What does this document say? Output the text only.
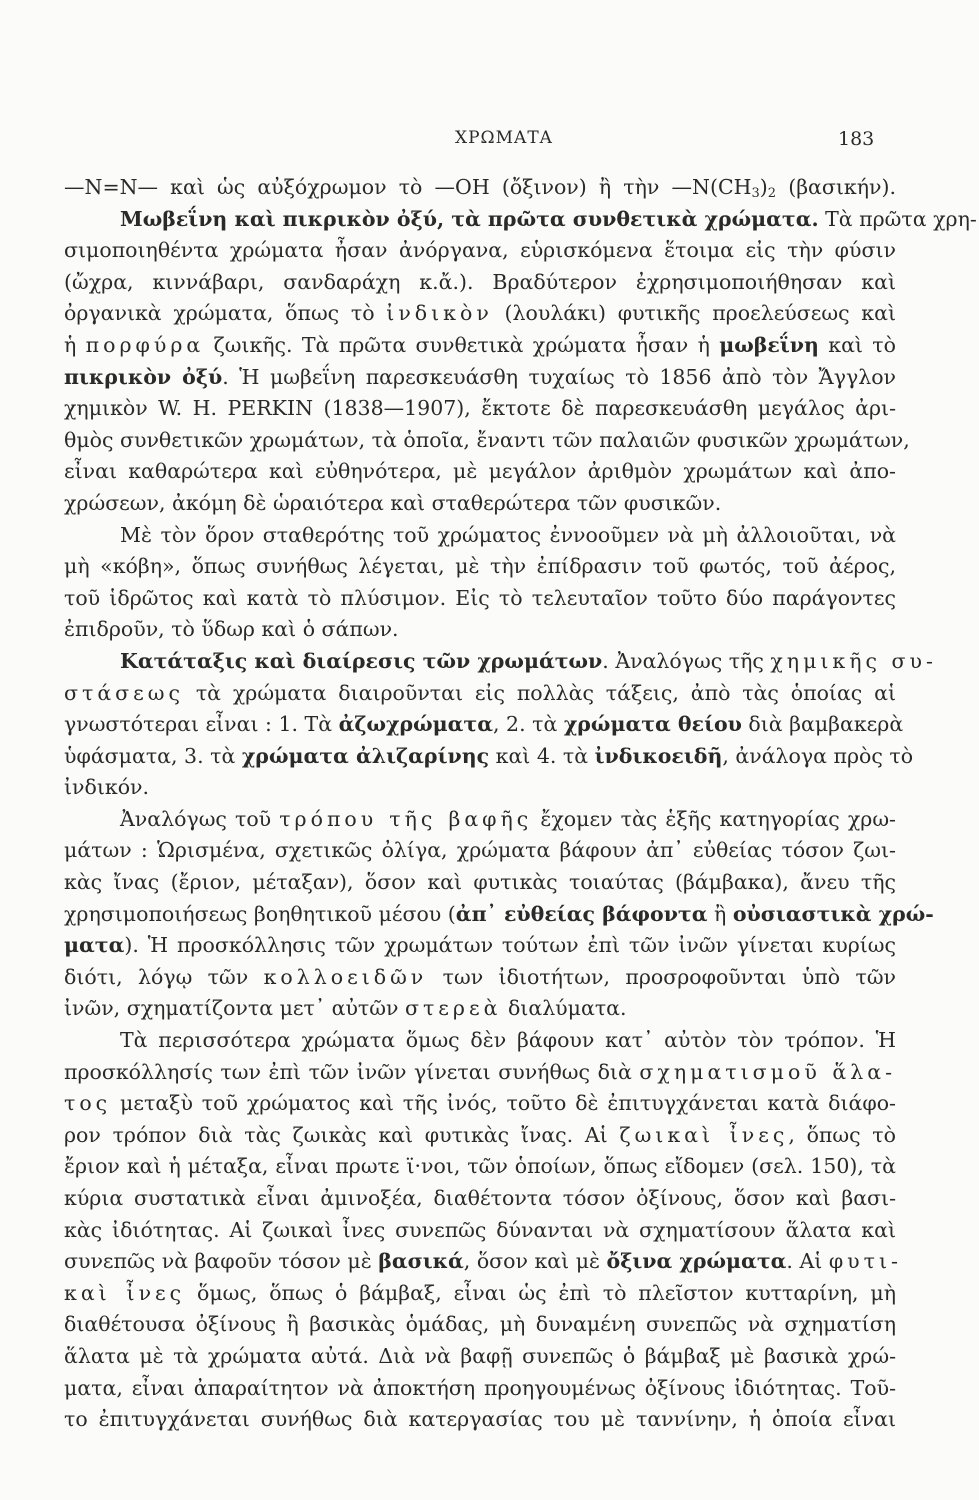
ΧΡΩΜΑΤΑ	183
—N=N— καὶ ὡς αὐξόχρωμον τὸ —OH (ὄξινον) ἢ τὴν $—N(CH_3)_2$ (βασικήν).
Μωβεΐνη καὶ πικρικὸν ὀξύ, τὰ πρῶτα συνθετικὰ χρώματα. Τὰ πρῶτα χρη-
σιμοποιηθέντα χρώματα ἦσαν ἀνόργανα, εὑρισκόμενα ἕτοιμα εἰς τὴν φύσιν
(ὤχρα, κιννάβαρι, σανδαράχη κ.ἄ.). Βραδύτερον ἐχρησιμοποιήθησαν καὶ
ὀργανικὰ χρώματα, ὅπως τὸ ἰνδικὸν (λουλάκι) φυτικῆς προελεύσεως καὶ
ἡ πορφύρα ζωικῆς. Τὰ πρῶτα συνθετικὰ χρώματα ἦσαν ἡ μωβεΐνη καὶ τὸ
πικρικὸν ὀξύ. Ἡ μωβεΐνη παρεσκευάσθη τυχαίως τὸ 1856 ἀπὸ τὸν Ἄγγλον
χημικὸν W. H. PERKIN (1838—1907), ἔκτοτε δὲ παρεσκευάσθη μεγάλος ἀρι-
θμὸς συνθετικῶν χρωμάτων, τὰ ὁποῖα, ἔναντι τῶν παλαιῶν φυσικῶν χρωμάτων,
εἶναι καθαρώτερα καὶ εὐθηνότερα, μὲ μεγάλον ἀριθμὸν χρωμάτων καὶ ἀπο-
χρώσεων, ἀκόμη δὲ ὡραιότερα καὶ σταθερώτερα τῶν φυσικῶν.
Μὲ τὸν ὅρον σταθερότης τοῦ χρώματος ἐννοοῦμεν νὰ μὴ ἀλλοιοῦται, νὰ
μὴ «κόβη», ὅπως συνήθως λέγεται, μὲ τὴν ἐπίδρασιν τοῦ φωτός, τοῦ ἀέρος,
τοῦ ἱδρῶτος καὶ κατὰ τὸ πλύσιμον. Εἰς τὸ τελευταῖον τοῦτο δύο παράγοντες
ἐπιδροῦν, τὸ ὕδωρ καὶ ὁ σάπων.
Κατάταξις καὶ διαίρεσις τῶν χρωμάτων. Ἀναλόγως τῆς χημικῆς συ-
στάσεως τὰ χρώματα διαιροῦνται εἰς πολλὰς τάξεις, ἀπὸ τὰς ὁποίας αἱ
γνωστότεραι εἶναι : 1. Τὰ ἀζωχρώματα, 2. τὰ χρώματα θείου διὰ βαμβακερὰ
ὑφάσματα, 3. τὰ χρώματα ἀλιζαρίνης καὶ 4. τὰ ἰνδικοειδῆ, ἀνάλογα πρὸς τὸ
ἰνδικόν.
Ἀναλόγως τοῦ τρόπου τῆς βαφῆς ἔχομεν τὰς ἑξῆς κατηγορίας χρω-
μάτων : Ὡρισμένα, σχετικῶς ὀλίγα, χρώματα βάφουν ἀπ᾿ εὐθείας τόσον ζωι-
κὰς ἴνας (ἔριον, μέταξαν), ὅσον καὶ φυτικὰς τοιαύτας (βάμβακα), ἄνευ τῆς
χρησιμοποιήσεως βοηθητικοῦ μέσου (ἀπ᾿ εὐθείας βάφοντα ἢ οὐσιαστικὰ χρώ-
ματα). Ἡ προσκόλλησις τῶν χρωμάτων τούτων ἐπὶ τῶν ἰνῶν γίνεται κυρίως
διότι, λόγῳ τῶν κολλοειδῶν των ἰδιοτήτων, προσροφοῦνται ὑπὸ τῶν
ἰνῶν, σχηματίζοντα μετ᾿ αὐτῶν στερεὰ διαλύματα.
Τὰ περισσότερα χρώματα ὅμως δὲν βάφουν κατ᾿ αὐτὸν τὸν τρόπον. Ἡ
προσκόλλησίς των ἐπὶ τῶν ἰνῶν γίνεται συνήθως διὰ σχηματισμοῦ ἅλα-
τος μεταξὺ τοῦ χρώματος καὶ τῆς ἰνός, τοῦτο δὲ ἐπιτυγχάνεται κατὰ διάφο-
ρον τρόπον διὰ τὰς ζωικὰς καὶ φυτικὰς ἴνας. Αἱ ζωικαὶ ἶνες, ὅπως τὸ
ἔριον καὶ ἡ μέταξα, εἶναι πρωτε ϊ·νοι, τῶν ὁποίων, ὅπως εἴδομεν (σελ. 150), τὰ
κύρια συστατικὰ εἶναι ἀμινοξέα, διαθέτοντα τόσον ὀξίνους, ὅσον καὶ βασι-
κὰς ἰδιότητας. Αἱ ζωικαὶ ἶνες συνεπῶς δύνανται νὰ σχηματίσουν ἅλατα καὶ
συνεπῶς νὰ βαφοῦν τόσον μὲ βασικά, ὅσον καὶ μὲ ὄξινα χρώματα. Αἱ φυτι-
καὶ ἶνες ὅμως, ὅπως ὁ βάμβαξ, εἶναι ὡς ἐπὶ τὸ πλεῖστον κυτταρίνη, μὴ
διαθέτουσα ὀξίνους ἢ βασικὰς ὁμάδας, μὴ δυναμένη συνεπῶς νὰ σχηματίση
ἅλατα μὲ τὰ χρώματα αὐτά. Διὰ νὰ βαφῇ συνεπῶς ὁ βάμβαξ μὲ βασικὰ χρώ-
ματα, εἶναι ἀπαραίτητον νὰ ἀποκτήση προηγουμένως ὀξίνους ἰδιότητας. Τοῦ-
το ἐπιτυγχάνεται συνήθως διὰ κατεργασίας του μὲ ταννίνην, ἡ ὁποία εἶναι
